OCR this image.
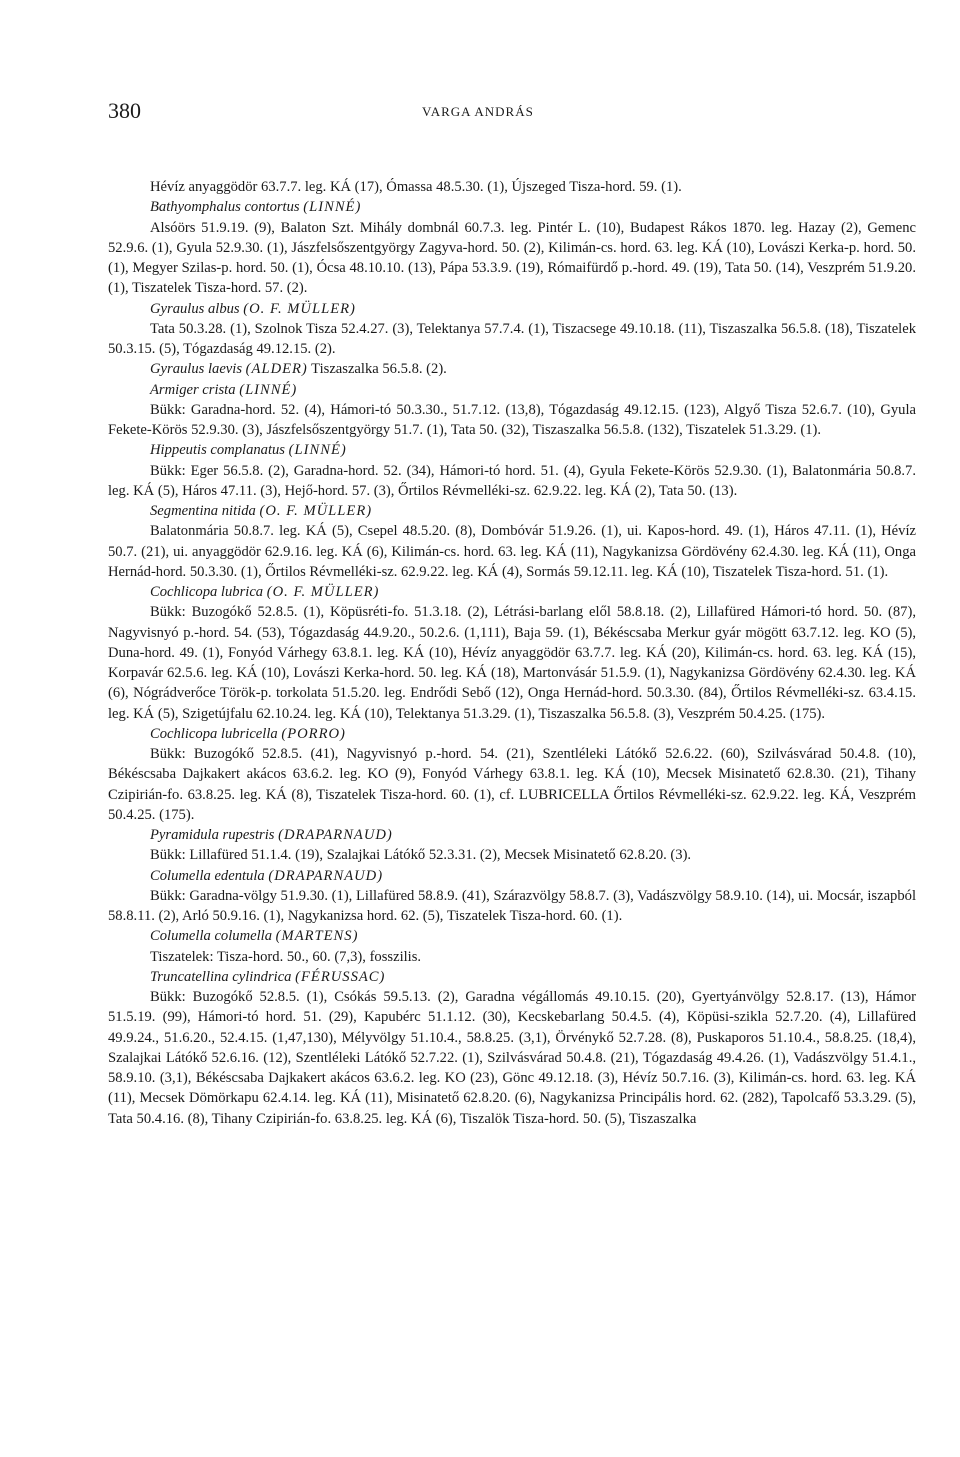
380	VARGA ANDRÁS

Hévíz anyaggödör 63.7.7. leg. KÁ (17), Ómassa 48.5.30. (1), Újszeged Tisza-hord. 59. (1).

Bathyomphalus contortus (LINNÉ)

Alsóörs 51.9.19. (9), Balaton Szt. Mihály dombnál 60.7.3. leg. Pintér L. (10), Budapest Rákos 1870. leg. Hazay (2), Gemenc 52.9.6. (1), Gyula 52.9.30. (1), Jászfelsőszentgyörgy Zagyva-hord. 50. (2), Kilimán-cs. hord. 63. leg. KÁ (10), Lovászi Kerka-p. hord. 50. (1), Megyer Szilas-p. hord. 50. (1), Ócsa 48.10.10. (13), Pápa 53.3.9. (19), Rómaifürdő p.-hord. 49. (19), Tata 50. (14), Veszprém 51.9.20. (1), Tiszatelek Tisza-hord. 57. (2).

Gyraulus albus (O. F. MÜLLER)

Tata 50.3.28. (1), Szolnok Tisza 52.4.27. (3), Telektanya 57.7.4. (1), Tiszacsege 49.10.18. (11), Tiszaszalka 56.5.8. (18), Tiszatelek 50.3.15. (5), Tógazdaság 49.12.15. (2).

Gyraulus laevis (ALDER) Tiszaszalka 56.5.8. (2).

Armiger crista (LINNÉ)

Bükk: Garadna-hord. 52. (4), Hámori-tó 50.3.30., 51.7.12. (13,8), Tógazdaság 49.12.15. (123), Algyő Tisza 52.6.7. (10), Gyula Fekete-Körös 52.9.30. (3), Jászfelsőszentgyörgy 51.7. (1), Tata 50. (32), Tiszaszalka 56.5.8. (132), Tiszatelek 51.3.29. (1).

Hippeutis complanatus (LINNÉ)

Bükk: Eger 56.5.8. (2), Garadna-hord. 52. (34), Hámori-tó hord. 51. (4), Gyula Fekete-Körös 52.9.30. (1), Balatonmária 50.8.7. leg. KÁ (5), Háros 47.11. (3), Hejő-hord. 57. (3), Őrtilos Révmelléki-sz. 62.9.22. leg. KÁ (2), Tata 50. (13).

Segmentina nitida (O. F. MÜLLER)

Balatonmária 50.8.7. leg. KÁ (5), Csepel 48.5.20. (8), Dombóvár 51.9.26. (1), ui. Kapos-hord. 49. (1), Háros 47.11. (1), Hévíz 50.7. (21), ui. anyaggödör 62.9.16. leg. KÁ (6), Kilimán-cs. hord. 63. leg. KÁ (11), Nagykanizsa Gördövény 62.4.30. leg. KÁ (11), Onga Hernád-hord. 50.3.30. (1), Őrtilos Révmelléki-sz. 62.9.22. leg. KÁ (4), Sormás 59.12.11. leg. KÁ (10), Tiszatelek Tisza-hord. 51. (1).

Cochlicopa lubrica (O. F. MÜLLER)

Bükk: Buzogókő 52.8.5. (1), Köpüsréti-fo. 51.3.18. (2), Létrási-barlang elől 58.8.18. (2), Lillafüred Hámori-tó hord. 50. (87), Nagyvisnyó p.-hord. 54. (53), Tógazdaság 44.9.20., 50.2.6. (1,111), Baja 59. (1), Békéscsaba Merkur gyár mögött 63.7.12. leg. KO (5), Duna-hord. 49. (1), Fonyód Várhegy 63.8.1. leg. KÁ (10), Hévíz anyaggödör 63.7.7. leg. KÁ (20), Kilimán-cs. hord. 63. leg. KÁ (15), Korpavár 62.5.6. leg. KÁ (10), Lovászi Kerka-hord. 50. leg. KÁ (18), Martonvásár 51.5.9. (1), Nagykanizsa Gördövény 62.4.30. leg. KÁ (6), Nógrádverőce Török-p. torkolata 51.5.20. leg. Endrődi Sebő (12), Onga Hernád-hord. 50.3.30. (84), Őrtilos Révmelléki-sz. 63.4.15. leg. KÁ (5), Szigetújfalu 62.10.24. leg. KÁ (10), Telektanya 51.3.29. (1), Tiszaszalka 56.5.8. (3), Veszprém 50.4.25. (175).

Cochlicopa lubricella (PORRO)

Bükk: Buzogókő 52.8.5. (41), Nagyvisnyó p.-hord. 54. (21), Szentléleki Látókő 52.6.22. (60), Szilvásvárad 50.4.8. (10), Békéscsaba Dajkakert akácos 63.6.2. leg. KO (9), Fonyód Várhegy 63.8.1. leg. KÁ (10), Mecsek Misinatető 62.8.30. (21), Tihany Czipirián-fo. 63.8.25. leg. KÁ (8), Tiszatelek Tisza-hord. 60. (1), cf. LUBRICELLA Őrtilos Révmelléki-sz. 62.9.22. leg. KÁ, Veszprém 50.4.25. (175).

Pyramidula rupestris (DRAPARNAUD)

Bükk: Lillafüred 51.1.4. (19), Szalajkai Látókő 52.3.31. (2), Mecsek Misinatető 62.8.20. (3).

Columella edentula (DRAPARNAUD)

Bükk: Garadna-völgy 51.9.30. (1), Lillafüred 58.8.9. (41), Szárazvölgy 58.8.7. (3), Vadászvölgy 58.9.10. (14), ui. Mocsár, iszapból 58.8.11. (2), Arló 50.9.16. (1), Nagykanizsa hord. 62. (5), Tiszatelek Tisza-hord. 60. (1).

Columella columella (MARTENS)

Tiszatelek: Tisza-hord. 50., 60. (7,3), fosszilis.

Truncatellina cylindrica (FÉRUSSAC)

Bükk: Buzogókő 52.8.5. (1), Csókás 59.5.13. (2), Garadna végállomás 49.10.15. (20), Gyertyánvölgy 52.8.17. (13), Hámor 51.5.19. (99), Hámori-tó hord. 51. (29), Kapubérc 51.1.12. (30), Kecskebarlang 50.4.5. (4), Köpüsi-szikla 52.7.20. (4), Lillafüred 49.9.24., 51.6.20., 52.4.15. (1,47,130), Mélyvölgy 51.10.4., 58.8.25. (3,1), Örvénykő 52.7.28. (8), Puskaporos 51.10.4., 58.8.25. (18,4), Szalajkai Látókő 52.6.16. (12), Szentléleki Látókő 52.7.22. (1), Szilvásvárad 50.4.8. (21), Tógazdaság 49.4.26. (1), Vadászvölgy 51.4.1., 58.9.10. (3,1), Békéscsaba Dajkakert akácos 63.6.2. leg. KO (23), Gönc 49.12.18. (3), Hévíz 50.7.16. (3), Kilimán-cs. hord. 63. leg. KÁ (11), Mecsek Dömörkapu 62.4.14. leg. KÁ (11), Misinatető 62.8.20. (6), Nagykanizsa Principális hord. 62. (282), Tapolcafő 53.3.29. (5), Tata 50.4.16. (8), Tihany Czipirián-fo. 63.8.25. leg. KÁ (6), Tiszalök Tisza-hord. 50. (5), Tiszaszalka
